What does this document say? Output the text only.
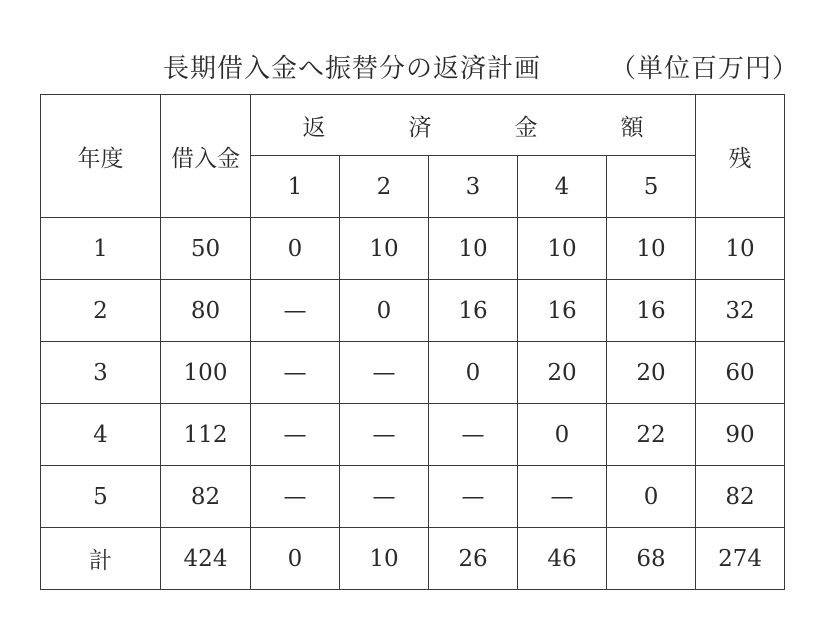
長期借入金へ振替分の返済計画	（単位百万円）
年度	借入金	返　済　金　額					残
		1	2	3	4	5	
1	50	0	10	10	10	10	10
2	80	—	0	16	16	16	32
3	100	—	—	0	20	20	60
4	112	—	—	—	0	22	90
5	82	—	—	—	—	0	82
計	424	0	10	26	46	68	274
